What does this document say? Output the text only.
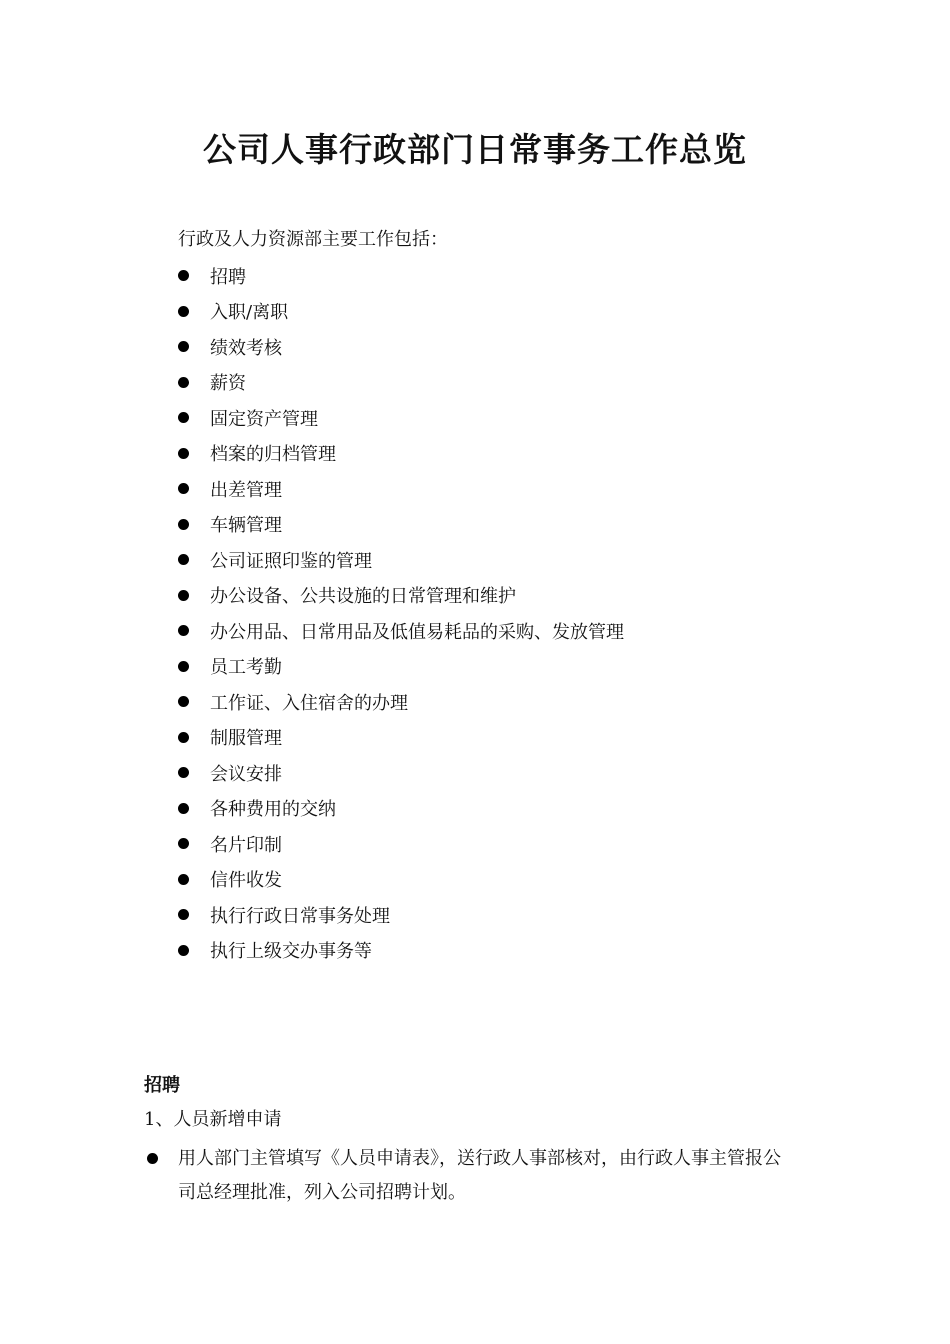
公司人事行政部门日常事务工作总览

行政及人力资源部主要工作包括：

招聘
入职/离职
绩效考核
薪资
固定资产管理
档案的归档管理
出差管理
车辆管理
公司证照印鉴的管理
办公设备、公共设施的日常管理和维护
办公用品、日常用品及低值易耗品的采购、发放管理
员工考勤
工作证、入住宿舍的办理
制服管理
会议安排
各种费用的交纳
名片印制
信件收发
执行行政日常事务处理
执行上级交办事务等
招聘

1、人员新增申请

用人部门主管填写《人员申请表》，送行政人事部核对，由行政人事主管报公
司总经理批准，列入公司招聘计划。
